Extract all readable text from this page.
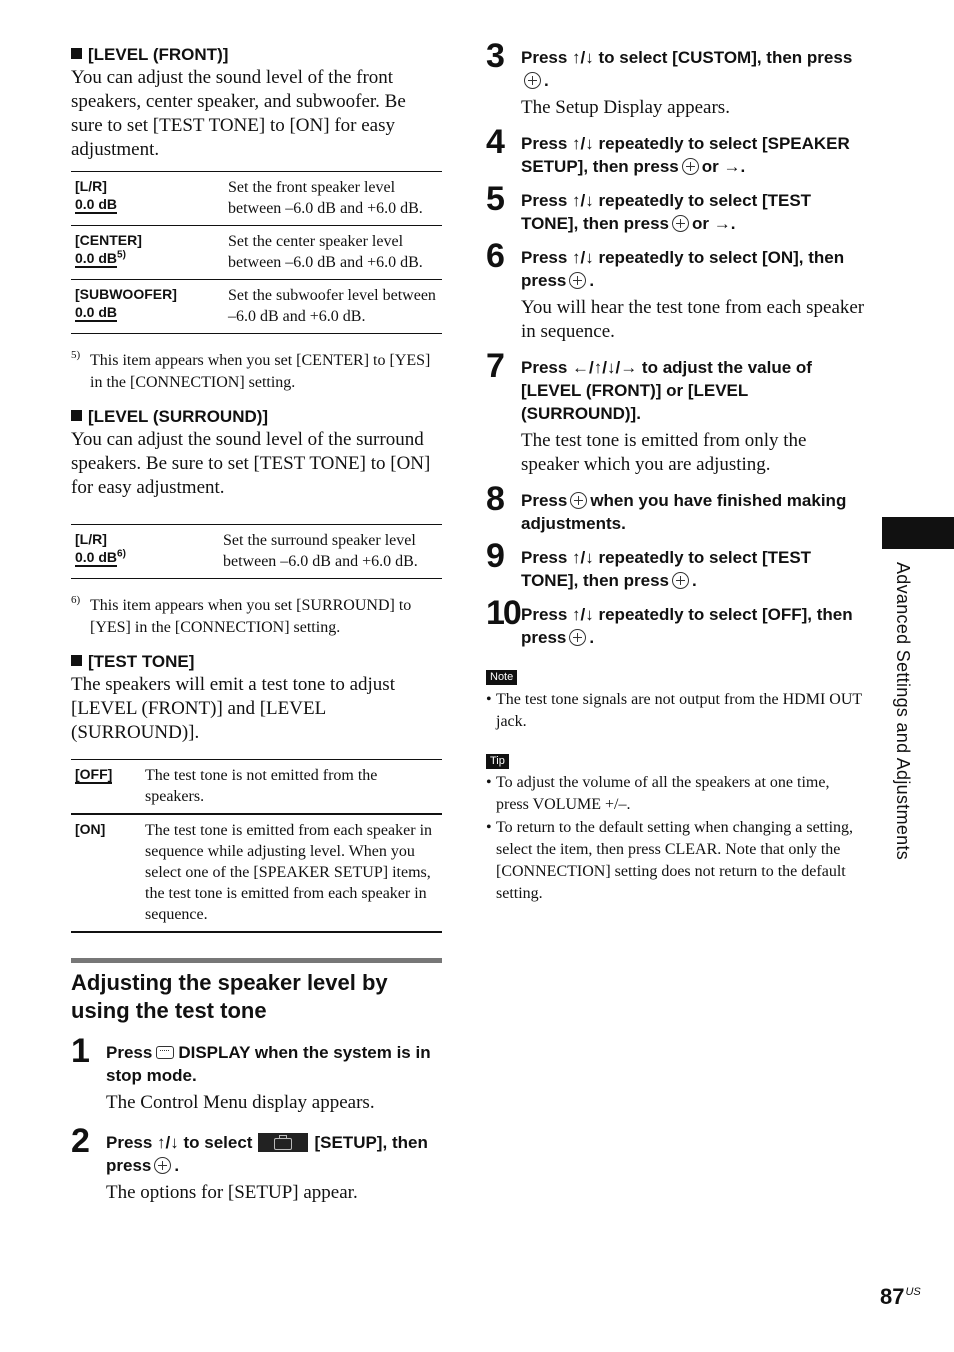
[LEVEL (FRONT)]

You can adjust the sound level of the front speakers, center speaker, and subwoofer. Be sure to set [TEST TONE] to [ON] for easy adjustment.

[L/R]
0.0 dB	Set the front speaker level between –6.0 dB and +6.0 dB.

[CENTER]
0.0 $dB^{5)}$	Set the center speaker level between –6.0 dB and +6.0 dB.

[SUBWOOFER]
0.0 dB	Set the subwoofer level between –6.0 dB and +6.0 dB.

5) This item appears when you set [CENTER] to [YES] in the [CONNECTION] setting.

[LEVEL (SURROUND)]

You can adjust the sound level of the surround speakers. Be sure to set [TEST TONE] to [ON] for easy adjustment.

[L/R]
0.0 $dB^{6)}$	Set the surround speaker level between –6.0 dB and +6.0 dB.

6) This item appears when you set [SURROUND] to [YES] in the [CONNECTION] setting.

[TEST TONE]

The speakers will emit a test tone to adjust [LEVEL (FRONT)] and [LEVEL (SURROUND)].

[OFF]	The test tone is not emitted from the speakers.
[ON]	The test tone is emitted from each speaker in sequence while adjusting level. When you select one of the [SPEAKER SETUP] items, the test tone is emitted from each speaker in sequence.
Adjusting the speaker level by using the test tone
1 Press DISPLAY when the system is in stop mode.
The Control Menu display appears.
2 Press ↑/↓ to select	[SETUP], then press .
The options for [SETUP] appear.
3 Press ↑/↓ to select [CUSTOM], then press.
The Setup Display appears.
4 Press ↑/↓ repeatedly to select [SPEAKER SETUP], then press or →.
5 Press ↑/↓ repeatedly to select [TEST TONE], then press or →.
6 Press ↑/↓ repeatedly to select [ON], then press .
You will hear the test tone from each speaker in sequence.
7 Press ←/↑/↓/→ to adjust the value of [LEVEL (FRONT)] or [LEVEL (SURROUND)].
The test tone is emitted from only the speaker which you are adjusting.
8 Press when you have finished making adjustments.
9 Press ↑/↓ repeatedly to select [TEST TONE], then press .
10 Press ↑/↓ repeatedly to select [OFF], then press .
Note
• The test tone signals are not output from the HDMI OUT jack.
Tip
• To adjust the volume of all the speakers at one time, press VOLUME +/–.
• To return to the default setting when changing a setting, select the item, then press CLEAR. Note that only the [CONNECTION] setting does not return to the default setting.
Advanced Settings and Adjustments
$87^{US}$
